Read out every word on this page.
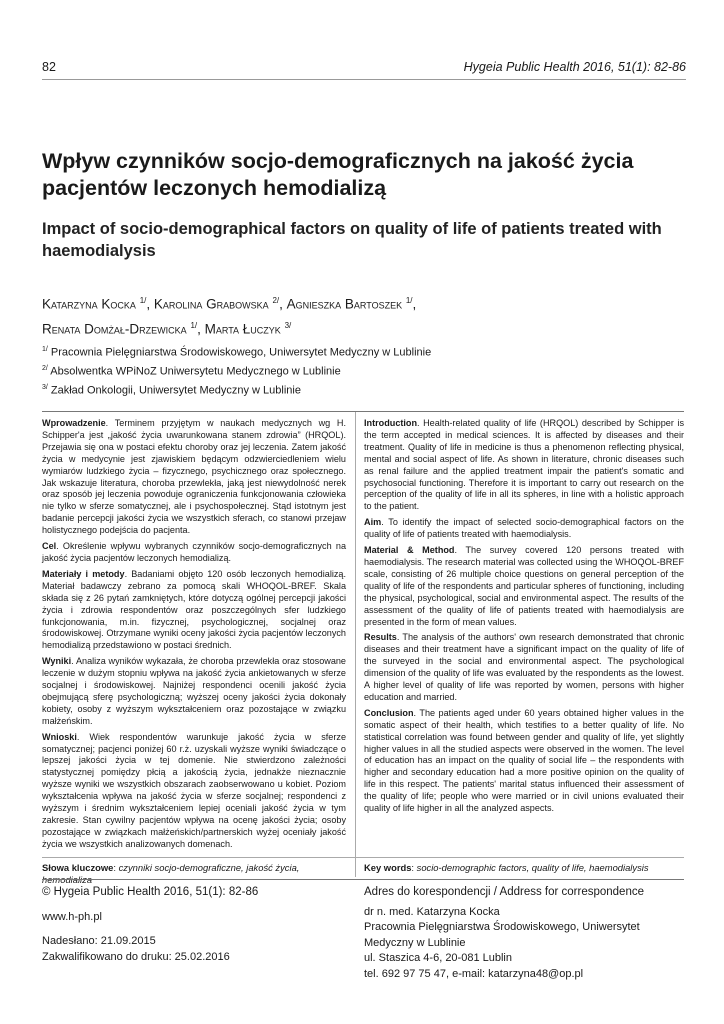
82	Hygeia Public Health 2016, 51(1): 82-86
Wpływ czynników socjo-demograficznych na jakość życia pacjentów leczonych hemodializą
Impact of socio-demographical factors on quality of life of patients treated with haemodialysis
Katarzyna Kocka $^{1/}$, Karolina Grabowska $^{2/}$, Agnieszka Bartoszek $^{1/}$,
Renata Domżał-Drzewicka $^{1/}$, Marta Łuczyk $^{3/}$
$^{1/}$ Pracownia Pielęgniarstwa Środowiskowego, Uniwersytet Medyczny w Lublinie
$^{2/}$ Absolwentka WPiNoZ Uniwersytetu Medycznego w Lublinie
$^{3/}$ Zakład Onkologii, Uniwersytet Medyczny w Lublinie

Wprowadzenie. Terminem przyjętym w naukach medycznych wg H. Schipper'a jest „jakość życia uwarunkowana stanem zdrowia” (HRQOL). Przejawia się ona w postaci efektu choroby oraz jej leczenia. Zatem jakość życia w medycynie jest zjawiskiem będącym odzwierciedleniem wielu wymiarów ludzkiego życia – fizycznego, psychicznego oraz społecznego. Jak wskazuje literatura, choroba przewlekła, jaką jest niewydolność nerek oraz sposób jej leczenia powoduje ograniczenia funkcjonowania człowieka nie tylko w sferze somatycznej, ale i psychospołecznej. Stąd istotnym jest badanie percepcji jakości życia we wszystkich sferach, co stanowi przejaw holistycznego podejścia do pacjenta.

Cel. Określenie wpływu wybranych czynników socjo-demograficznych na jakość życia pacjentów leczonych hemodializą.

Materiały i metody. Badaniami objęto 120 osób leczonych hemodializą. Materiał badawczy zebrano za pomocą skali WHOQOL-BREF. Skala składa się z 26 pytań zamkniętych, które dotyczą ogólnej percepcji jakości życia i zdrowia respondentów oraz poszczególnych sfer ludzkiego funkcjonowania, m.in. fizycznej, psychologicznej, socjalnej oraz środowiskowej. Otrzymane wyniki oceny jakości życia pacjentów leczonych hemodializą przedstawiono w postaci średnich.

Wyniki. Analiza wyników wykazała, że choroba przewlekła oraz stosowane leczenie w dużym stopniu wpływa na jakość życia ankietowanych w sferze socjalnej i środowiskowej. Najniżej respondenci ocenili jakość życia obejmującą sferę psychologiczną; wyższej oceny jakości życia dokonały kobiety, osoby z wyższym wykształceniem oraz pozostające w związku małżeńskim.

Wnioski. Wiek respondentów warunkuje jakość życia w sferze somatycznej; pacjenci poniżej 60 r.ż. uzyskali wyższe wyniki świadczące o lepszej jakości życia w tej domenie. Nie stwierdzono zależności statystycznej pomiędzy płcią a jakością życia, jednakże nieznacznie wyższe wyniki we wszystkich obszarach zaobserwowano u kobiet. Poziom wykształcenia wpływa na jakość życia w sferze socjalnej; respondenci z wyższym i średnim wykształceniem lepiej oceniali jakość życia w tym zakresie. Stan cywilny pacjentów wpływa na ocenę jakości życia; osoby pozostające w związkach małżeńskich/partnerskich wyżej oceniały jakość życia we wszystkich analizowanych domenach.

Introduction. Health-related quality of life (HRQOL) described by Schipper is the term accepted in medical sciences. It is affected by diseases and their treatment. Quality of life in medicine is thus a phenomenon reflecting physical, mental and social aspect of life. As shown in literature, chronic diseases such as renal failure and the applied treatment impair the patient's somatic and psychosocial functioning. Therefore it is important to carry out research on the perception of the quality of life in all its spheres, in line with a holistic approach to the patient.

Aim. To identify the impact of selected socio-demographical factors on the quality of life of patients treated with haemodialysis.

Material & Method. The survey covered 120 persons treated with haemodialysis. The research material was collected using the WHOQOL-BREF scale, consisting of 26 multiple choice questions on general perception of the quality of life of the respondents and particular spheres of functioning, including the physical, psychological, social and environmental aspect. The results of the assessment of the quality of life of patients treated with haemodialysis are presented in the form of mean values.

Results. The analysis of the authors' own research demonstrated that chronic diseases and their treatment have a significant impact on the quality of life of the surveyed in the social and environmental aspect. The psychological dimension of the quality of life was evaluated by the respondents as the lowest. A higher level of quality of life was reported by women, persons with higher education and married.

Conclusion. The patients aged under 60 years obtained higher values in the somatic aspect of their health, which testifies to a better quality of life. No statistical correlation was found between gender and quality of life, yet slightly higher values in all the studied aspects were observed in the women. The level of education has an impact on the quality of social life – the respondents with higher and secondary education had a more positive opinion on the quality of life in this respect. The patients' marital status influenced their assessment of the quality of life; people who were married or in civil unions evaluated their quality of life higher in all the analyzed aspects.

Słowa kluczowe: czynniki socjo-demograficzne, jakość życia, hemodializa
Key words: socio-demographic factors, quality of life, haemodialysis
© Hygeia Public Health 2016, 51(1): 82-86
www.h-ph.pl
Nadesłano: 21.09.2015
Zakwalifikowano do druku: 25.02.2016
Adres do korespondencji / Address for correspondence
dr n. med. Katarzyna Kocka
Pracownia Pielęgniarstwa Środowiskowego, Uniwersytet
Medyczny w Lublinie
ul. Staszica 4-6, 20-081 Lublin
tel. 692 97 75 47, e-mail: katarzyna48@op.pl
